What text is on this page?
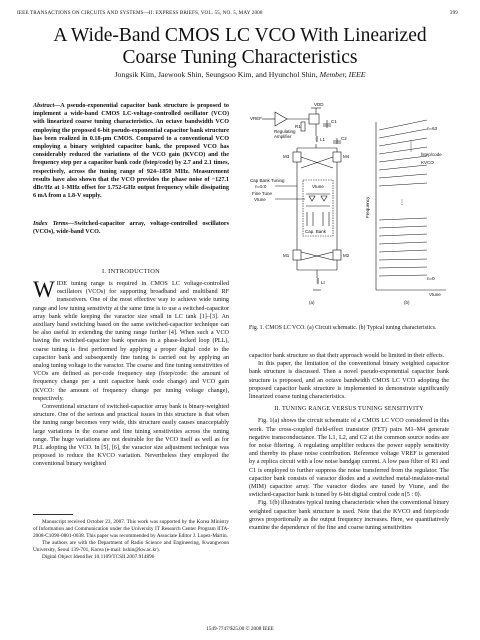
IEEE TRANSACTIONS ON CIRCUITS AND SYSTEMS—II: EXPRESS BRIEFS, VOL. 55, NO. 5, MAY 2008	399
A Wide-Band CMOS LC VCO With Linearized
Coarse Tuning Characteristics
Jongsik Kim, Jaewook Shin, Seungsoo Kim, and Hyunchol Shin, Member, IEEE
Abstract—A pseudo-exponential capacitor bank structure is proposed to implement a wide-band CMOS LC-voltage-controlled oscillator (VCO) with linearized coarse tuning characteristics. An octave bandwidth VCO employing the proposed 6-bit pseudo-exponential capacitor bank structure has been realized in 0.18-μm CMOS. Compared to a conventional VCO employing a binary weighted capacitor bank, the proposed VCO has considerably reduced the variations of the VCO gain (KVCO) and the frequency step per a capacitor bank code (fstep/code) by 2.7 and 2.1 times, respectively, across the tuning range of 924–1850 MHz. Measurement results have also shown that the VCO provides the phase noise of −127.1 dBc/Hz at 1-MHz offset for 1.752-GHz output frequency while dissipating 6 mA from a 1.8-V supply.
Index Terms—Switched-capacitor array, voltage-controlled oscillators (VCOs), wide-band VCO.
I. INTRODUCTION

WIDE tuning range is required in CMOS LC voltage-controlled oscillators (VCOs) for supporting broadband and multiband RF transceivers. One of the most effective way to achieve wide tuning range and low tuning sensitivity at the same time is to use a switched-capacitor array bank while keeping the varactor size small in LC tank [1]–[3]. An auxiliary band switching based on the same switched-capacitor technique can be also useful in extending the tuning range further [4]. When such a VCO having the switched-capacitor bank operates in a phase-locked loop (PLL), coarse tuning is first performed by applying a proper digital code to the capacitor bank and subsequently fine tuning is carried out by applying an analog tuning voltage to the varactor. The coarse and fine tuning sensitivities of VCOs are defined as per-code frequency step (fstep/code: the amount of frequency change per a unit capacitor bank code change) and VCO gain (KVCO: the amount of frequency change per tuning voltage change), respectively.

Conventional structure of switched-capacitor array bank is binary-weighted structure. One of the serious and practical issues in this structure is that when the tuning range becomes very wide, this structure easily causes unacceptably large variations in the coarse and fine tuning sensitivities across the tuning range. The huge variations are not desirable for the VCO itself as well as for PLL adopting the VCO. In [5], [6], the varactor size adjustment technique was proposed to reduce the KVCO variation. Nevertheless they employed the conventional binary weighted

Manuscript received October 23, 2007. This work was supported by the Korea Ministry of Information and Communication under the University IT Research Center Program IITA-2008-C1090-0801-0038. This paper was recommended by Associate Editor J. Lopez-Martin.

The authors are with the Department of Radio Science and Engineering, Kwangwoon University, Seoul 139-701, Korea (e-mail: hshin@kw.ac.kr).

Digital Object Identifier 10.1109/TCSII.2007.914896

VDD
VREF
Regulating
Amplifier
R1
C1
L1	C2
M3	M4
Cap Bank Tuning
n=5:0
Fine Tune
Vtune
Vtune
Cap. Bank
M1	M2
Lt
(a)
Frequency	⋮
n=63
n=0
fstep/code
KVCO
Vtune
(b)
Fig. 1. CMOS LC VCO. (a) Circuit schematic. (b) Typical tuning characteristics.

capacitor bank structure so that their approach would be limited in their effects.

In this paper, the limitation of the conventional binary weighted capacitor bank structure is discussed. Then a novel pseudo-exponential capacitor bank structure is proposed, and an octave bandwidth CMOS LC VCO adopting the proposed capacitor bank structure is implemented to demonstrate significantly linearized coarse tuning characteristics.

II. TUNING RANGE VERSUS TUNING SENSITIVITY

Fig. 1(a) shows the circuit schematic of a CMOS LC VCO considered in this work. The cross-coupled field-effect transistor (FET) pairs M1–M4 generate negative transconductance. The L1, L2, and C2 at the common source nodes are for noise filtering. A regulating amplifier reduces the power supply sensitivity and thereby its phase noise contribution. Reference voltage VREF is generated by a replica circuit with a low noise bandgap current. A low pass filter of R1 and C1 is employed to further suppress the noise transferred from the regulator. The capacitor bank consists of varactor diodes and a switched metal-insulator-metal (MIM) capacitor array. The varactor diodes are tuned by Vtune, and the switched-capacitor bank is tuned by 6-bit digital control code n⟨5 : 0⟩.

Fig. 1(b) illustrates typical tuning characteristic when the conventional binary weighted capacitor bank structure is used. Note that the KVCO and fstep/code grows proportionally as the output frequency increases. Here, we quantitatively examine the dependence of the fine and coarse tuning sensitivities

1549-7747/$25.00 © 2008 IEEE
